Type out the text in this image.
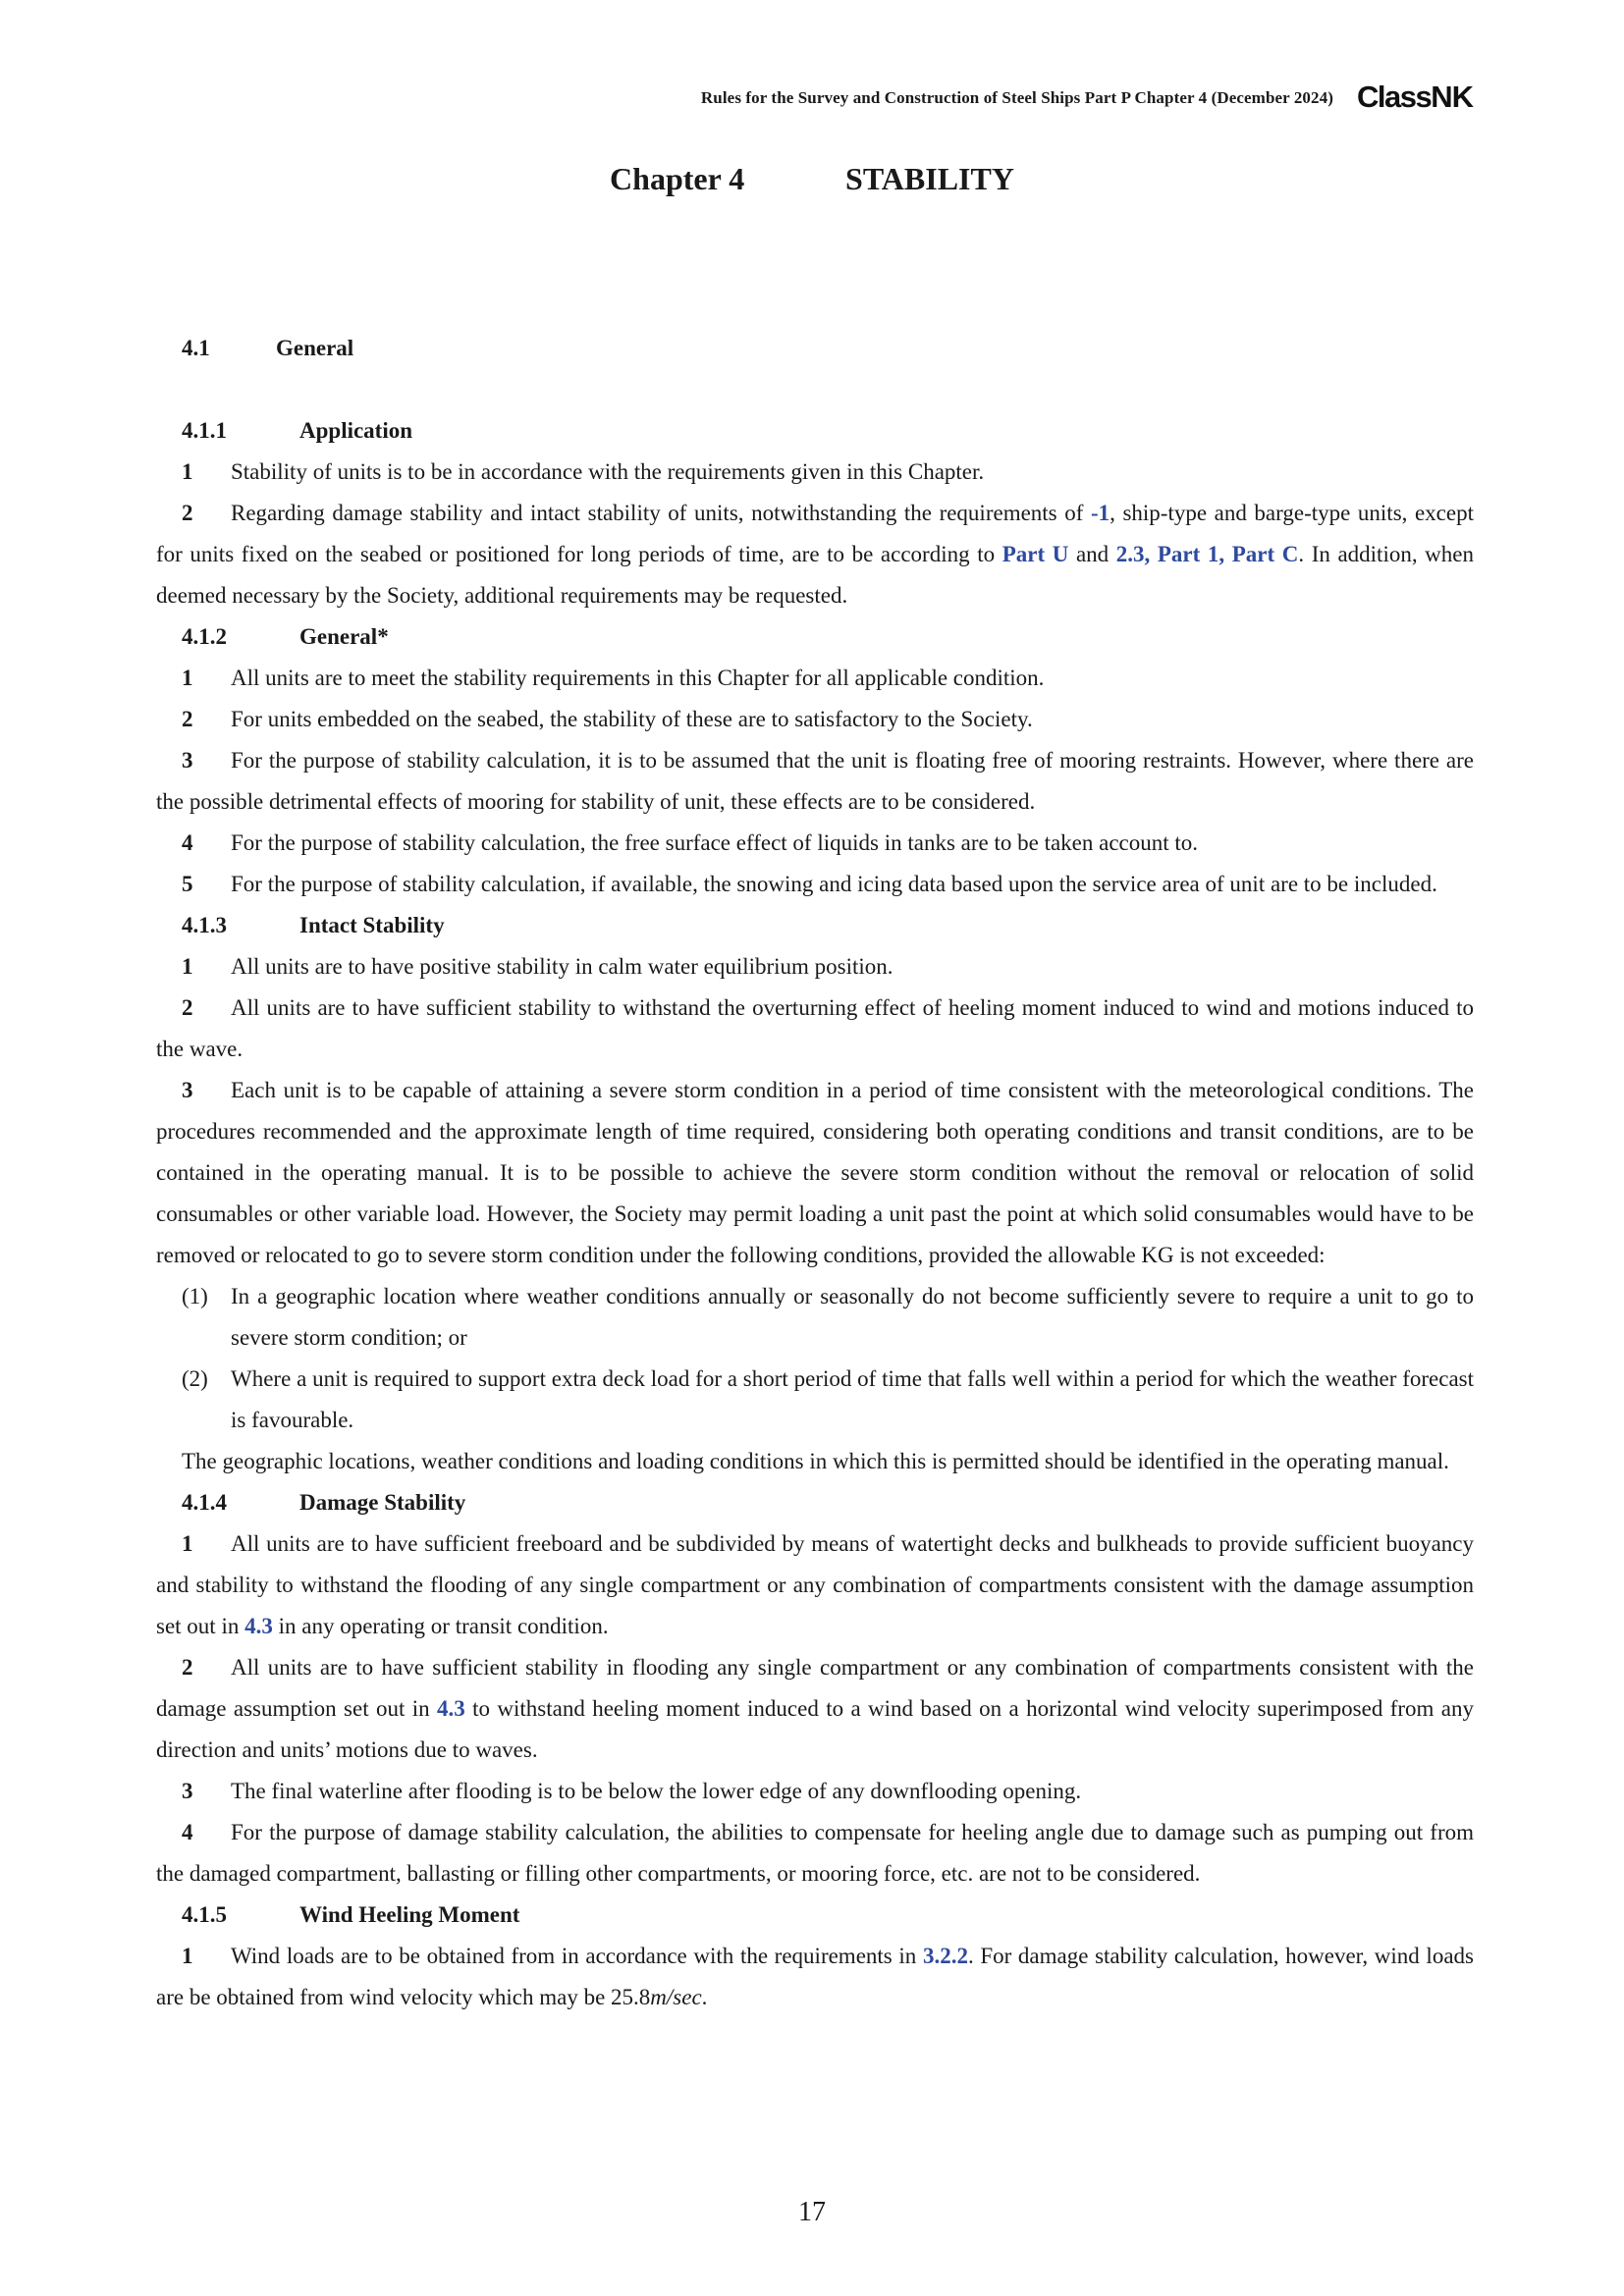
Rules for the Survey and Construction of Steel Ships Part P Chapter 4 (December 2024) ClassNK
Chapter 4	STABILITY
4.1	General
4.1.1	Application

1 Stability of units is to be in accordance with the requirements given in this Chapter.

2 Regarding damage stability and intact stability of units, notwithstanding the requirements of -1, ship-type and barge-type units, except for units fixed on the seabed or positioned for long periods of time, are to be according to Part U and 2.3, Part 1, Part C. In addition, when deemed necessary by the Society, additional requirements may be requested.

4.1.2	General*

1 All units are to meet the stability requirements in this Chapter for all applicable condition.

2 For units embedded on the seabed, the stability of these are to satisfactory to the Society.

3 For the purpose of stability calculation, it is to be assumed that the unit is floating free of mooring restraints. However, where there are the possible detrimental effects of mooring for stability of unit, these effects are to be considered.

4 For the purpose of stability calculation, the free surface effect of liquids in tanks are to be taken account to.

5 For the purpose of stability calculation, if available, the snowing and icing data based upon the service area of unit are to be included.

4.1.3	Intact Stability

1 All units are to have positive stability in calm water equilibrium position.

2 All units are to have sufficient stability to withstand the overturning effect of heeling moment induced to wind and motions induced to the wave.

3 Each unit is to be capable of attaining a severe storm condition in a period of time consistent with the meteorological conditions. The procedures recommended and the approximate length of time required, considering both operating conditions and transit conditions, are to be contained in the operating manual. It is to be possible to achieve the severe storm condition without the removal or relocation of solid consumables or other variable load. However, the Society may permit loading a unit past the point at which solid consumables would have to be removed or relocated to go to severe storm condition under the following conditions, provided the allowable KG is not exceeded:

(1) In a geographic location where weather conditions annually or seasonally do not become sufficiently severe to require a unit to go to severe storm condition; or

(2) Where a unit is required to support extra deck load for a short period of time that falls well within a period for which the weather forecast is favourable.

The geographic locations, weather conditions and loading conditions in which this is permitted should be identified in the operating manual.

4.1.4	Damage Stability

1 All units are to have sufficient freeboard and be subdivided by means of watertight decks and bulkheads to provide sufficient buoyancy and stability to withstand the flooding of any single compartment or any combination of compartments consistent with the damage assumption set out in 4.3 in any operating or transit condition.

2 All units are to have sufficient stability in flooding any single compartment or any combination of compartments consistent with the damage assumption set out in 4.3 to withstand heeling moment induced to a wind based on a horizontal wind velocity superimposed from any direction and units’ motions due to waves.

3 The final waterline after flooding is to be below the lower edge of any downflooding opening.

4 For the purpose of damage stability calculation, the abilities to compensate for heeling angle due to damage such as pumping out from the damaged compartment, ballasting or filling other compartments, or mooring force, etc. are not to be considered.

4.1.5	Wind Heeling Moment

1 Wind loads are to be obtained from in accordance with the requirements in 3.2.2. For damage stability calculation, however, wind loads are be obtained from wind velocity which may be 25.8m/sec.

17
